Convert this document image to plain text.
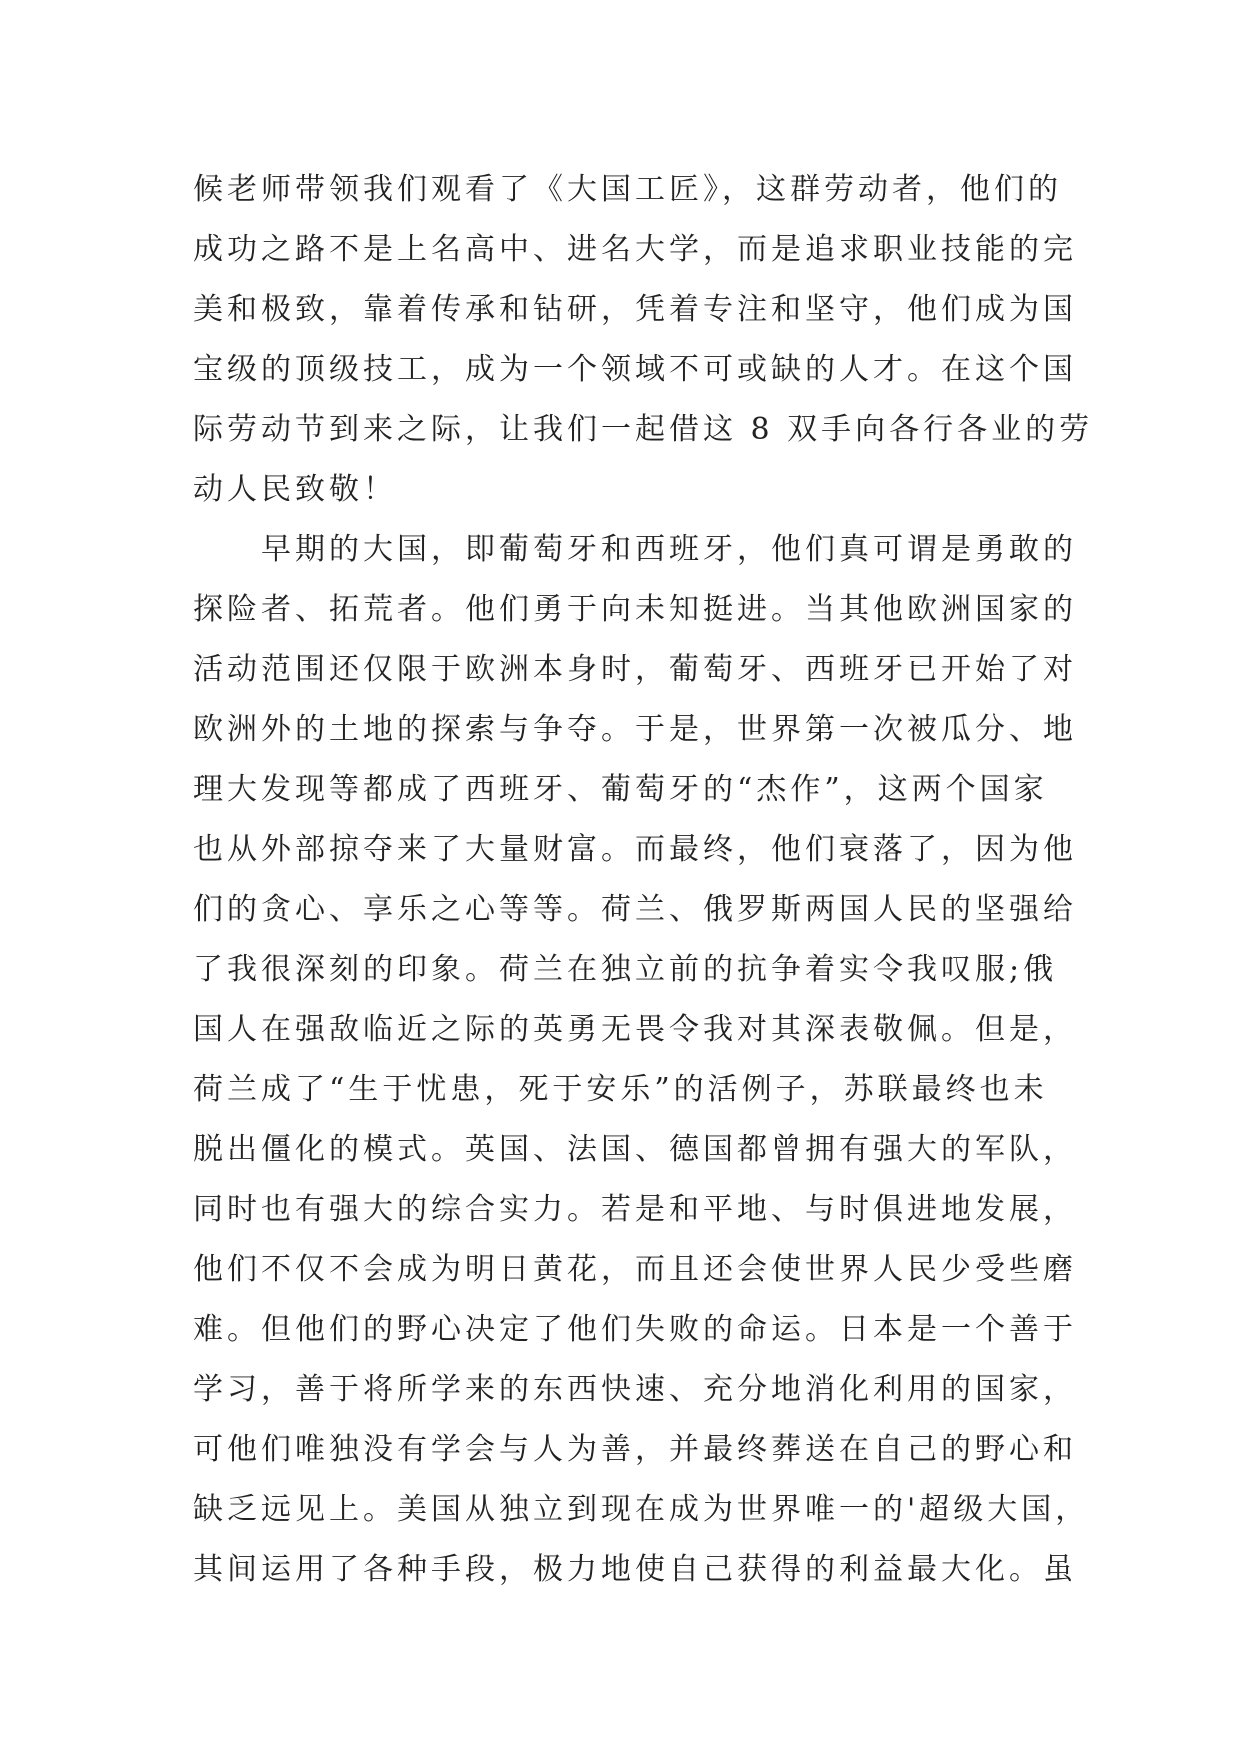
候老师带领我们观看了《大国工匠》，这群劳动者，他们的
成功之路不是上名高中、进名大学，而是追求职业技能的完
美和极致，靠着传承和钻研，凭着专注和坚守，他们成为国
宝级的顶级技工，成为一个领域不可或缺的人才。在这个国
际劳动节到来之际，让我们一起借这 8 双手向各行各业的劳
动人民致敬！
早期的大国，即葡萄牙和西班牙，他们真可谓是勇敢的
探险者、拓荒者。他们勇于向未知挺进。当其他欧洲国家的
活动范围还仅限于欧洲本身时，葡萄牙、西班牙已开始了对
欧洲外的土地的探索与争夺。于是，世界第一次被瓜分、地
理大发现等都成了西班牙、葡萄牙的“杰作”，这两个国家
也从外部掠夺来了大量财富。而最终，他们衰落了，因为他
们的贪心、享乐之心等等。荷兰、俄罗斯两国人民的坚强给
了我很深刻的印象。荷兰在独立前的抗争着实令我叹服;俄
国人在强敌临近之际的英勇无畏令我对其深表敬佩。但是，
荷兰成了“生于忧患，死于安乐”的活例子，苏联最终也未
脱出僵化的模式。英国、法国、德国都曾拥有强大的军队，
同时也有强大的综合实力。若是和平地、与时俱进地发展，
他们不仅不会成为明日黄花，而且还会使世界人民少受些磨
难。但他们的野心决定了他们失败的命运。日本是一个善于
学习，善于将所学来的东西快速、充分地消化利用的国家，
可他们唯独没有学会与人为善，并最终葬送在自己的野心和
缺乏远见上。美国从独立到现在成为世界唯一的'超级大国，
其间运用了各种手段，极力地使自己获得的利益最大化。虽
